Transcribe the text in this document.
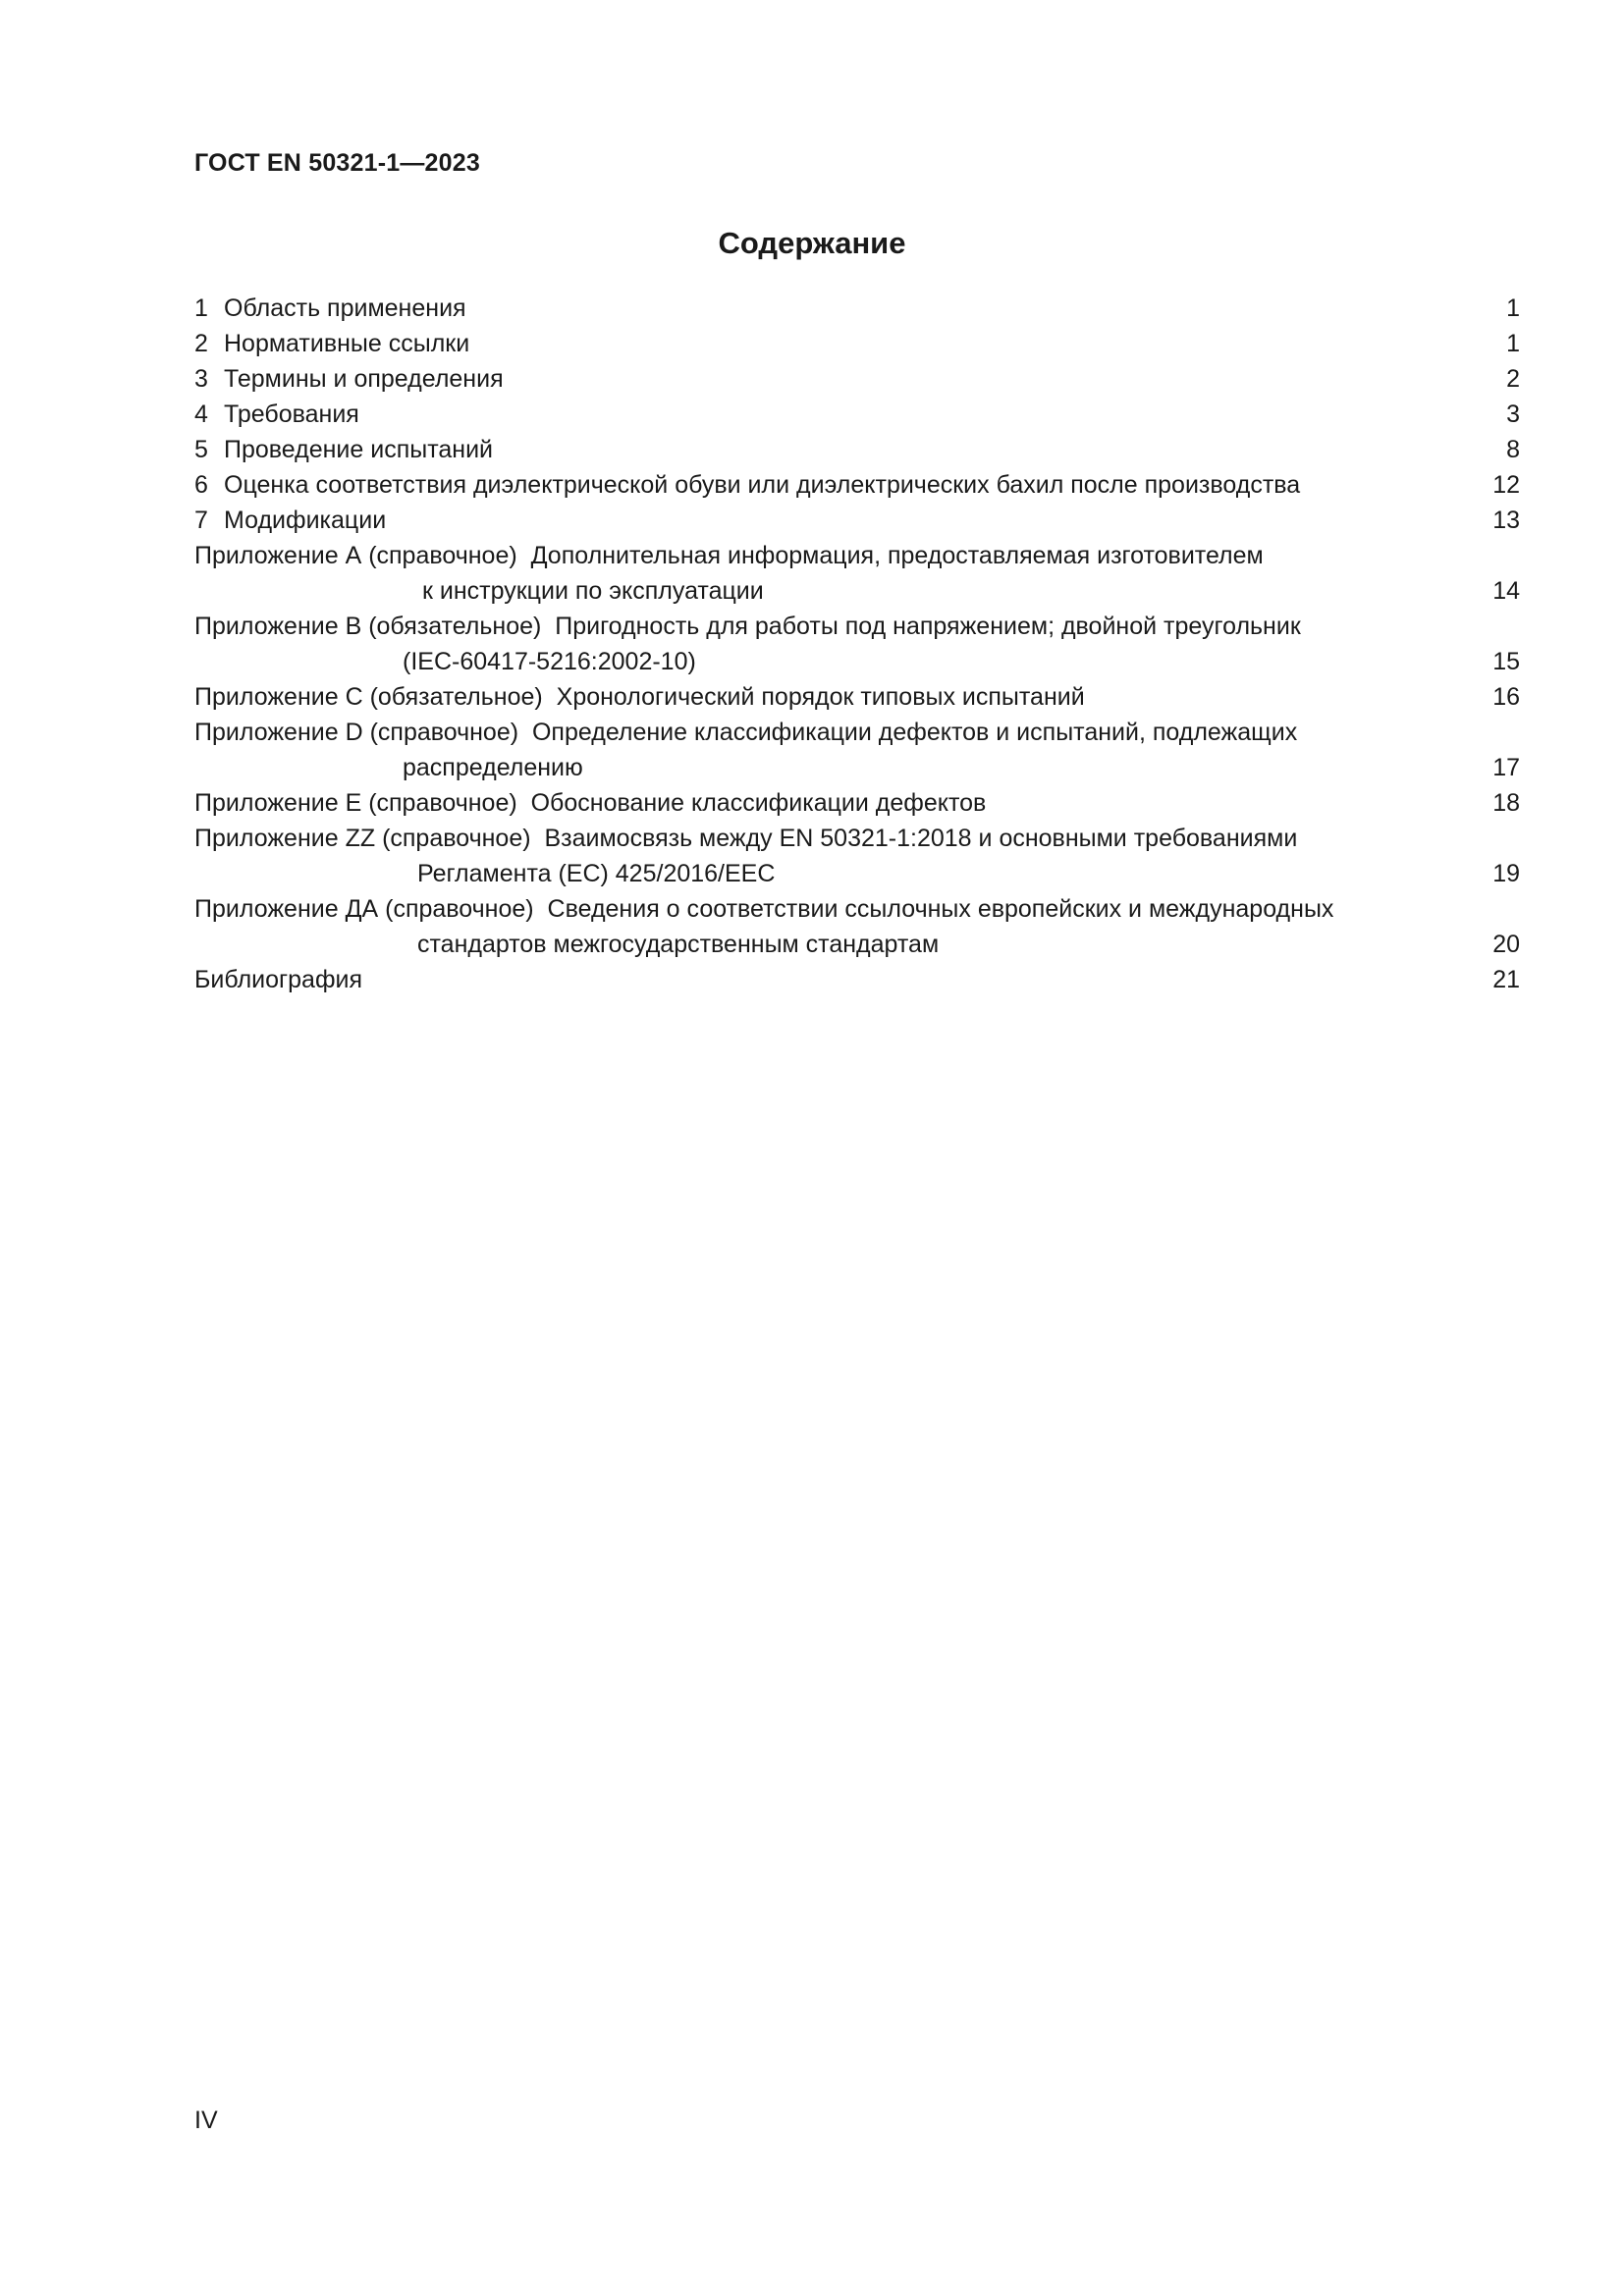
ГОСТ EN 50321-1—2023
Содержание
1 Область применения	1
2 Нормативные ссылки	1
3 Термины и определения	2
4 Требования	3
5 Проведение испытаний	8
6 Оценка соответствия диэлектрической обуви или диэлектрических бахил после производства	12
7 Модификации	13
Приложение А (справочное) Дополнительная информация, предоставляемая изготовителем
к инструкции по эксплуатации	14
Приложение В (обязательное) Пригодность для работы под напряжением; двойной треугольник
(IEC-60417-5216:2002-10)	15
Приложение С (обязательное) Хронологический порядок типовых испытаний	16
Приложение D (справочное) Определение классификации дефектов и испытаний, подлежащих
распределению	17
Приложение Е (справочное) Обоснование классификации дефектов	18
Приложение ZZ (справочное) Взаимосвязь между EN 50321-1:2018 и основными требованиями
Регламента (ЕС) 425/2016/EEC	19
Приложение ДА (справочное) Сведения о соответствии ссылочных европейских и международных
стандартов межгосударственным стандартам	20
Библиография	21
IV
